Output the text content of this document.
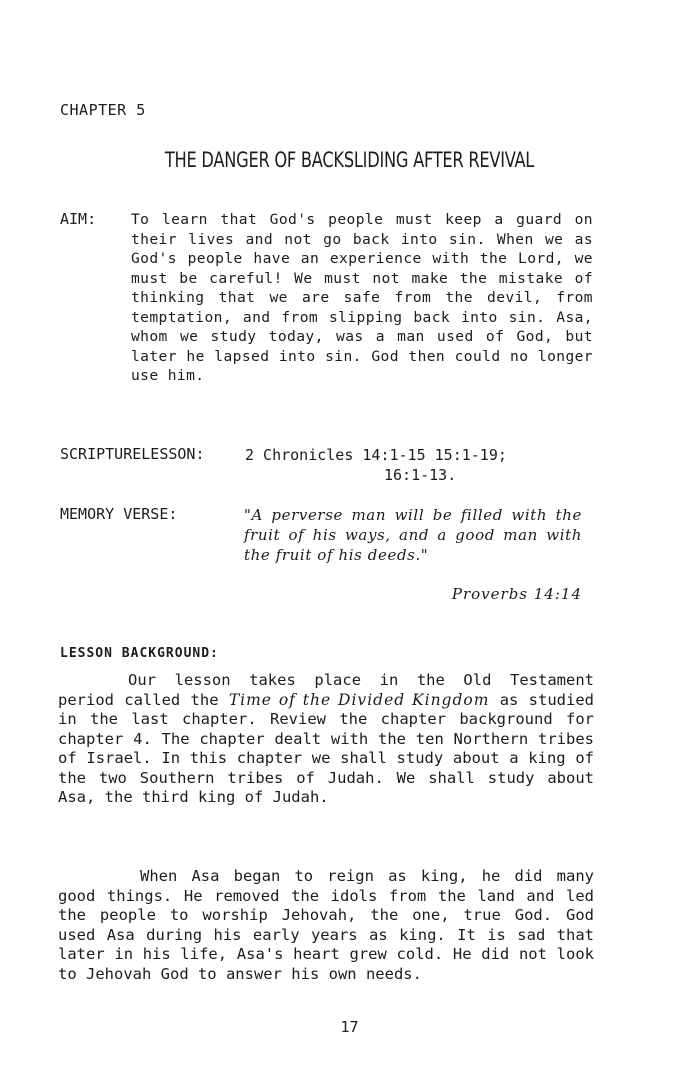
CHAPTER 5
THE DANGER OF BACKSLIDING AFTER REVIVAL
AIM: To learn that God's people must keep a guard on their lives and not go back into sin. When we as God's people have an experience with the Lord, we must be careful! We must not make the mistake of thinking that we are safe from the devil, from temptation, and from slipping back into sin. Asa, whom we study today, was a man used of God, but later he lapsed into sin. God then could no longer use him.
SCRIPTURELESSON:	2 Chronicles 14:1-15 15:1-19;
16:1-13.
MEMORY VERSE:	"A perverse man will be filled with the fruit of his ways, and a good man with the fruit of his deeds."
Proverbs 14:14
LESSON BACKGROUND:
Our lesson takes place in the Old Testament period called the Time of the Divided Kingdom as studied in the last chapter. Review the chapter background for chapter 4. The chapter dealt with the ten Northern tribes of Israel. In this chapter we shall study about a king of the two Southern tribes of Judah. We shall study about Asa, the third king of Judah.
When Asa began to reign as king, he did many good things. He removed the idols from the land and led the people to worship Jehovah, the one, true God. God used Asa during his early years as king. It is sad that later in his life, Asa's heart grew cold. He did not look to Jehovah God to answer his own needs.
17
